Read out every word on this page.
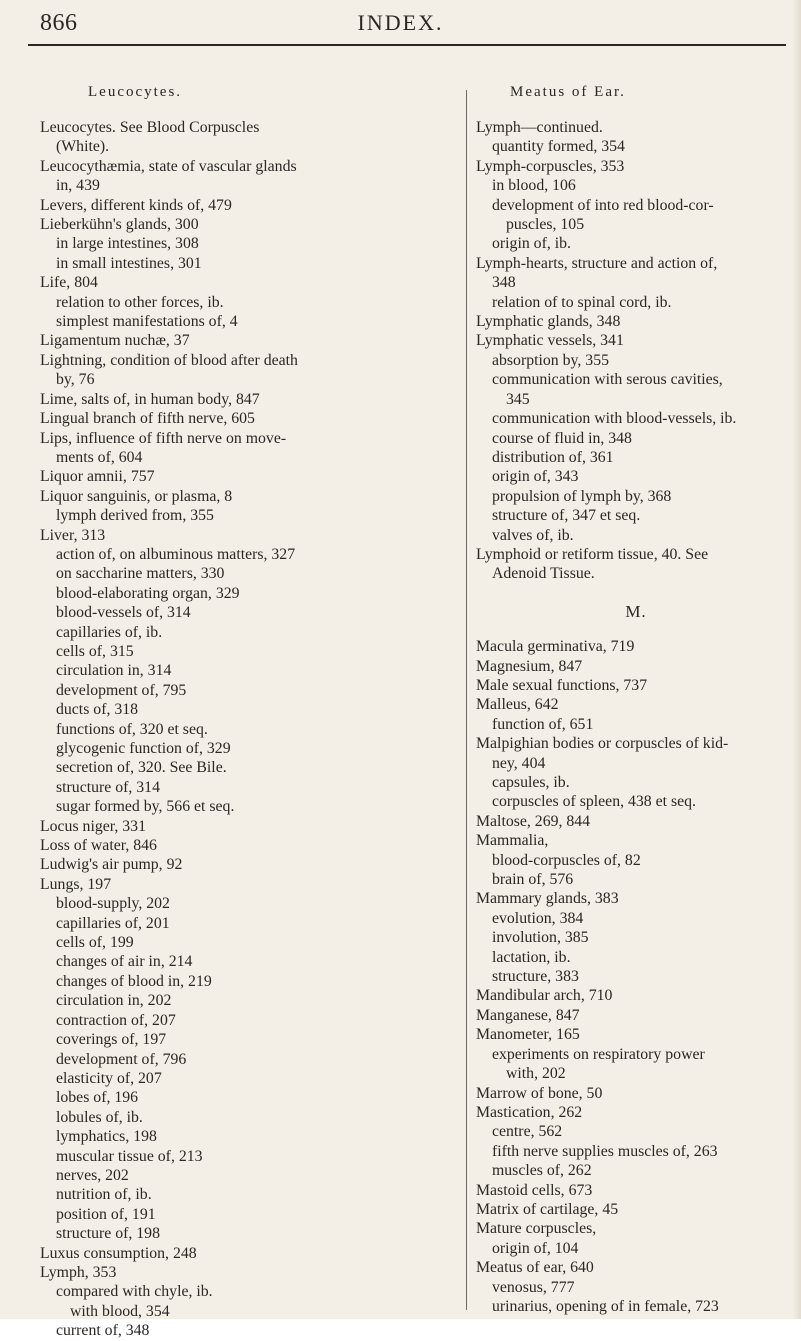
866	INDEX.
Leucocytes.	Meatus of Ear.
Leucocytes. See Blood Corpuscles
(White).
Leucocythæmia, state of vascular glands
in, 439
Levers, different kinds of, 479
Lieberkühn's glands, 300
in large intestines, 308
in small intestines, 301
Life, 804
relation to other forces, ib.
simplest manifestations of, 4
Ligamentum nuchæ, 37
Lightning, condition of blood after death
by, 76
Lime, salts of, in human body, 847
Lingual branch of fifth nerve, 605
Lips, influence of fifth nerve on move-
ments of, 604
Liquor amnii, 757
Liquor sanguinis, or plasma, 8
lymph derived from, 355
Liver, 313
action of, on albuminous matters, 327
on saccharine matters, 330
blood-elaborating organ, 329
blood-vessels of, 314
capillaries of, ib.
cells of, 315
circulation in, 314
development of, 795
ducts of, 318
functions of, 320 et seq.
glycogenic function of, 329
secretion of, 320. See Bile.
structure of, 314
sugar formed by, 566 et seq.
Locus niger, 331
Loss of water, 846
Ludwig's air pump, 92
Lungs, 197
blood-supply, 202
capillaries of, 201
cells of, 199
changes of air in, 214
changes of blood in, 219
circulation in, 202
contraction of, 207
coverings of, 197
development of, 796
elasticity of, 207
lobes of, 196
lobules of, ib.
lymphatics, 198
muscular tissue of, 213
nerves, 202
nutrition of, ib.
position of, 191
structure of, 198
Luxus consumption, 248
Lymph, 353
compared with chyle, ib.
with blood, 354
current of, 348
Lymph—continued.
quantity formed, 354
Lymph-corpuscles, 353
in blood, 106
development of into red blood-cor-
puscles, 105
origin of, ib.
Lymph-hearts, structure and action of,
348
relation of to spinal cord, ib.
Lymphatic glands, 348
Lymphatic vessels, 341
absorption by, 355
communication with serous cavities,
345
communication with blood-vessels, ib.
course of fluid in, 348
distribution of, 361
origin of, 343
propulsion of lymph by, 368
structure of, 347 et seq.
valves of, ib.
Lymphoid or retiform tissue, 40. See
Adenoid Tissue.
M.
Macula germinativa, 719
Magnesium, 847
Male sexual functions, 737
Malleus, 642
function of, 651
Malpighian bodies or corpuscles of kid-
ney, 404
capsules, ib.
corpuscles of spleen, 438 et seq.
Maltose, 269, 844
Mammalia,
blood-corpuscles of, 82
brain of, 576
Mammary glands, 383
evolution, 384
involution, 385
lactation, ib.
structure, 383
Mandibular arch, 710
Manganese, 847
Manometer, 165
experiments on respiratory power
with, 202
Marrow of bone, 50
Mastication, 262
centre, 562
fifth nerve supplies muscles of, 263
muscles of, 262
Mastoid cells, 673
Matrix of cartilage, 45
Mature corpuscles,
origin of, 104
Meatus of ear, 640
venosus, 777
urinarius, opening of in female, 723
